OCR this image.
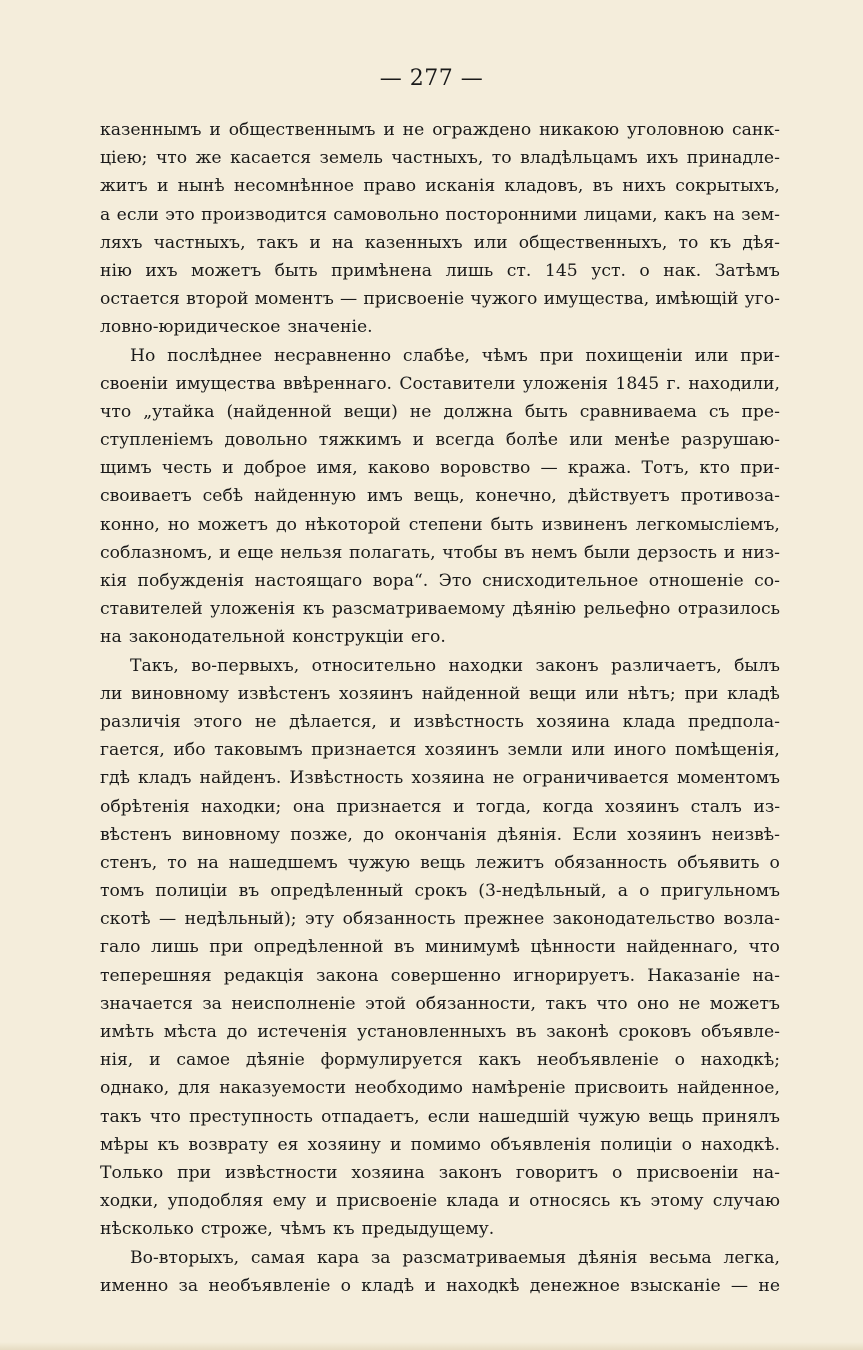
— 277 —
казеннымъ и общественнымъ и не ограждено никакою уголовною санк-
ціею; что же касается земель частныхъ, то владѣльцамъ ихъ принадле-
житъ и нынѣ несомнѣнное право исканія кладовъ, въ нихъ сокрытыхъ,
а если это производится самовольно посторонними лицами, какъ на зем-
ляхъ частныхъ, такъ и на казенныхъ или общественныхъ, то къ дѣя-
нію ихъ можетъ быть примѣнена лишь ст. 145 уст. о нак. Затѣмъ
остается второй моментъ — присвоеніе чужого имущества, имѣющій уго-
ловно-юридическое значеніе.
Но послѣднее несравненно слабѣе, чѣмъ при похищеніи или при-
своеніи имущества ввѣреннаго. Составители уложенія 1845 г. находили,
что „утайка (найденной вещи) не должна быть сравниваема съ пре-
ступленіемъ довольно тяжкимъ и всегда болѣе или менѣе разрушаю-
щимъ честь и доброе имя, каково воровство — кража. Тотъ, кто при-
своиваетъ себѣ найденную имъ вещь, конечно, дѣйствуетъ противоза-
конно, но можетъ до нѣкоторой степени быть извиненъ легкомысліемъ,
соблазномъ, и еще нельзя полагать, чтобы въ немъ были дерзость и низ-
кія побужденія настоящаго вора“. Это снисходительное отношеніе со-
ставителей уложенія къ разсматриваемому дѣянію рельефно отразилось
на законодательной конструкціи его.
Такъ, во-первыхъ, относительно находки законъ различаетъ, былъ
ли виновному извѣстенъ хозяинъ найденной вещи или нѣтъ; при кладѣ
различія этого не дѣлается, и извѣстность хозяина клада предпола-
гается, ибо таковымъ признается хозяинъ земли или иного помѣщенія,
гдѣ кладъ найденъ. Извѣстность хозяина не ограничивается моментомъ
обрѣтенія находки; она признается и тогда, когда хозяинъ сталъ из-
вѣстенъ виновному позже, до окончанія дѣянія. Если хозяинъ неизвѣ-
стенъ, то на нашедшемъ чужую вещь лежитъ обязанность объявить о
томъ полиціи въ опредѣленный срокъ (3-недѣльный, а о пригульномъ
скотѣ — недѣльный); эту обязанность прежнее законодательство возла-
гало лишь при опредѣленной въ минимумѣ цѣнности найденнаго, что
теперешняя редакція закона совершенно игнорируетъ. Наказаніе на-
значается за неисполненіе этой обязанности, такъ что оно не можетъ
имѣть мѣста до истеченія установленныхъ въ законѣ сроковъ объявле-
нія, и самое дѣяніе формулируется какъ необъявленіе о находкѣ;
однако, для наказуемости необходимо намѣреніе присвоить найденное,
такъ что преступность отпадаетъ, если нашедшій чужую вещь принялъ
мѣры къ возврату ея хозяину и помимо объявленія полиціи о находкѣ.
Только при извѣстности хозяина законъ говоритъ о присвоеніи на-
ходки, уподобляя ему и присвоеніе клада и относясь къ этому случаю
нѣсколько строже, чѣмъ къ предыдущему.
Во-вторыхъ, самая кара за разсматриваемыя дѣянія весьма легка,
именно за необъявленіе о кладѣ и находкѣ денежное взысканіе — не
